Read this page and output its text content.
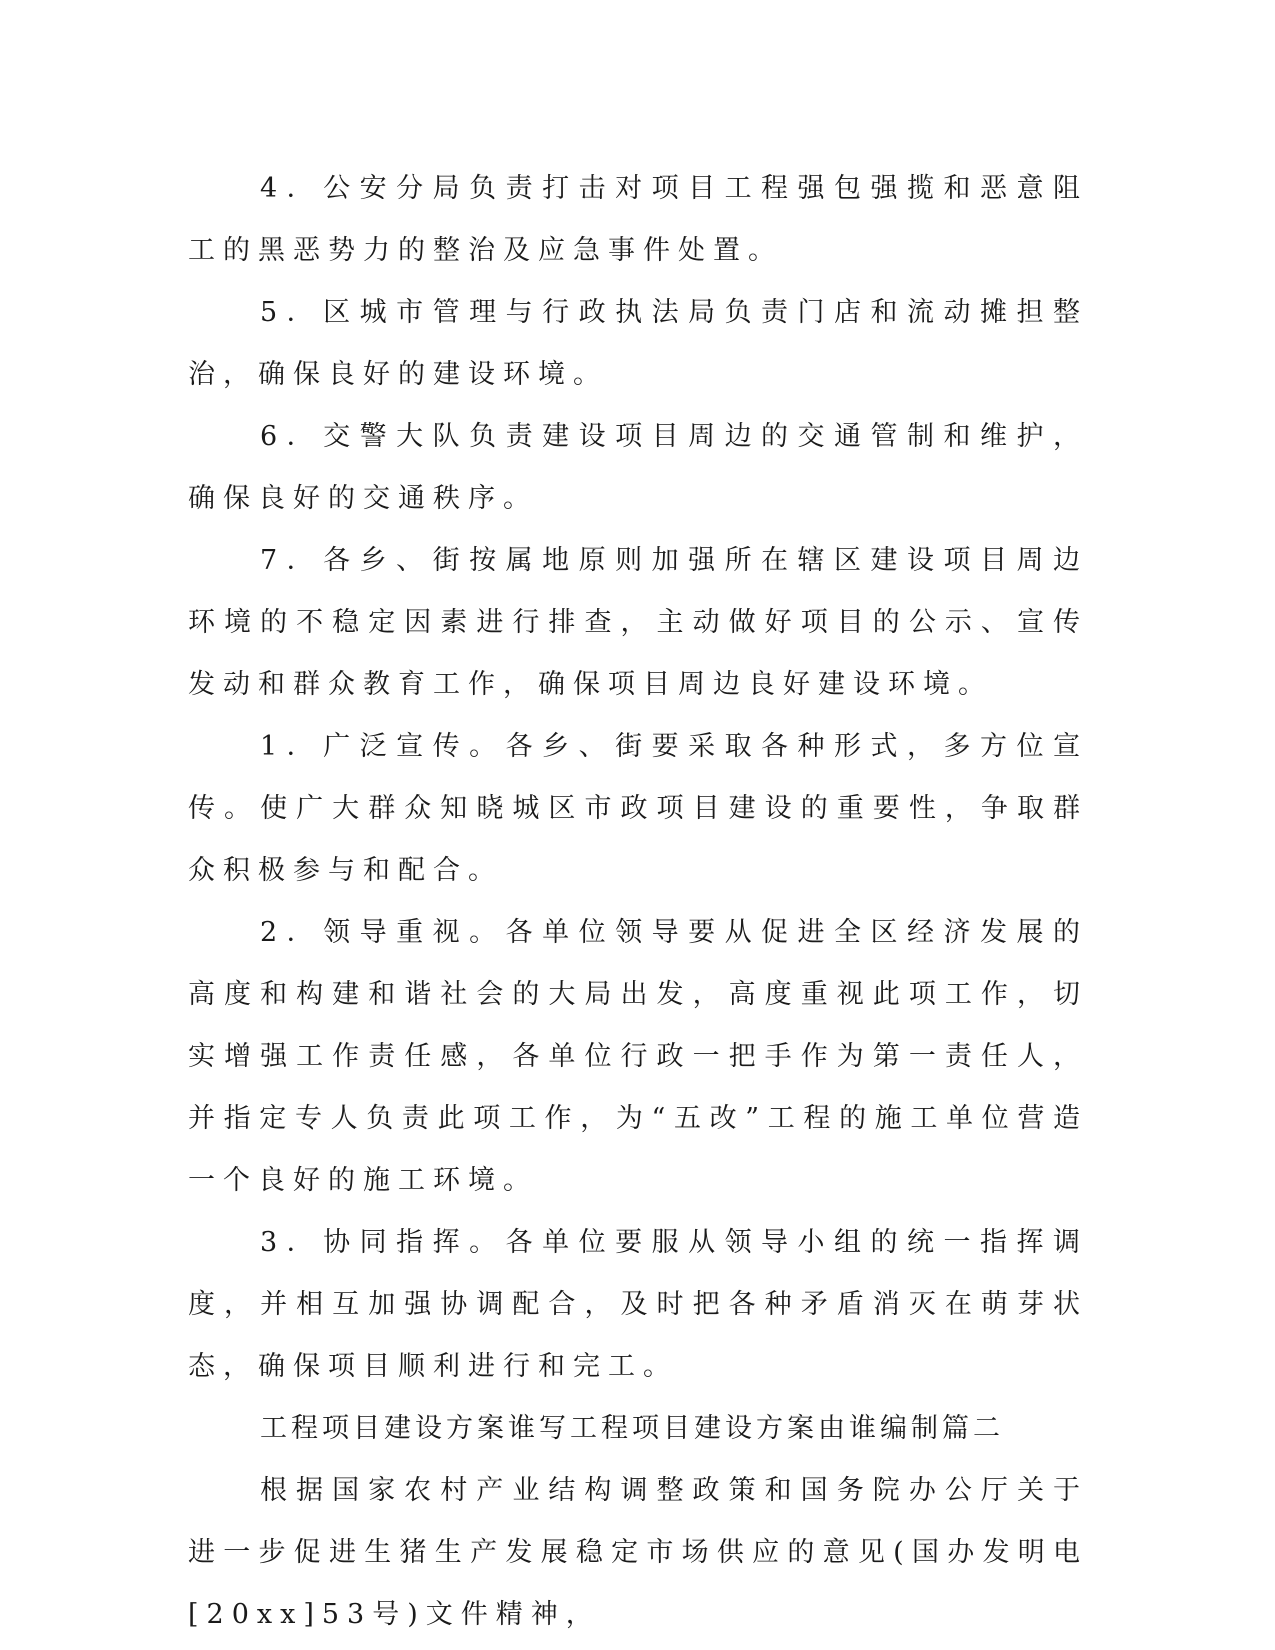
4．公安分局负责打击对项目工程强包强揽和恶意阻工的黑恶势力的整治及应急事件处置。

5．区城市管理与行政执法局负责门店和流动摊担整治，确保良好的建设环境。

6．交警大队负责建设项目周边的交通管制和维护，确保良好的交通秩序。

7．各乡、街按属地原则加强所在辖区建设项目周边环境的不稳定因素进行排查，主动做好项目的公示、宣传发动和群众教育工作，确保项目周边良好建设环境。

1．广泛宣传。各乡、街要采取各种形式，多方位宣传。使广大群众知晓城区市政项目建设的重要性，争取群众积极参与和配合。

2．领导重视。各单位领导要从促进全区经济发展的高度和构建和谐社会的大局出发，高度重视此项工作，切实增强工作责任感，各单位行政一把手作为第一责任人，并指定专人负责此项工作，为“五改”工程的施工单位营造一个良好的施工环境。

3．协同指挥。各单位要服从领导小组的统一指挥调度，并相互加强协调配合，及时把各种矛盾消灭在萌芽状态，确保项目顺利进行和完工。

工程项目建设方案谁写工程项目建设方案由谁编制篇二

根据国家农村产业结构调整政策和国务院办公厅关于进一步促进生猪生产发展稳定市场供应的意见(国办发明电[20xx]53号)文件精神，
